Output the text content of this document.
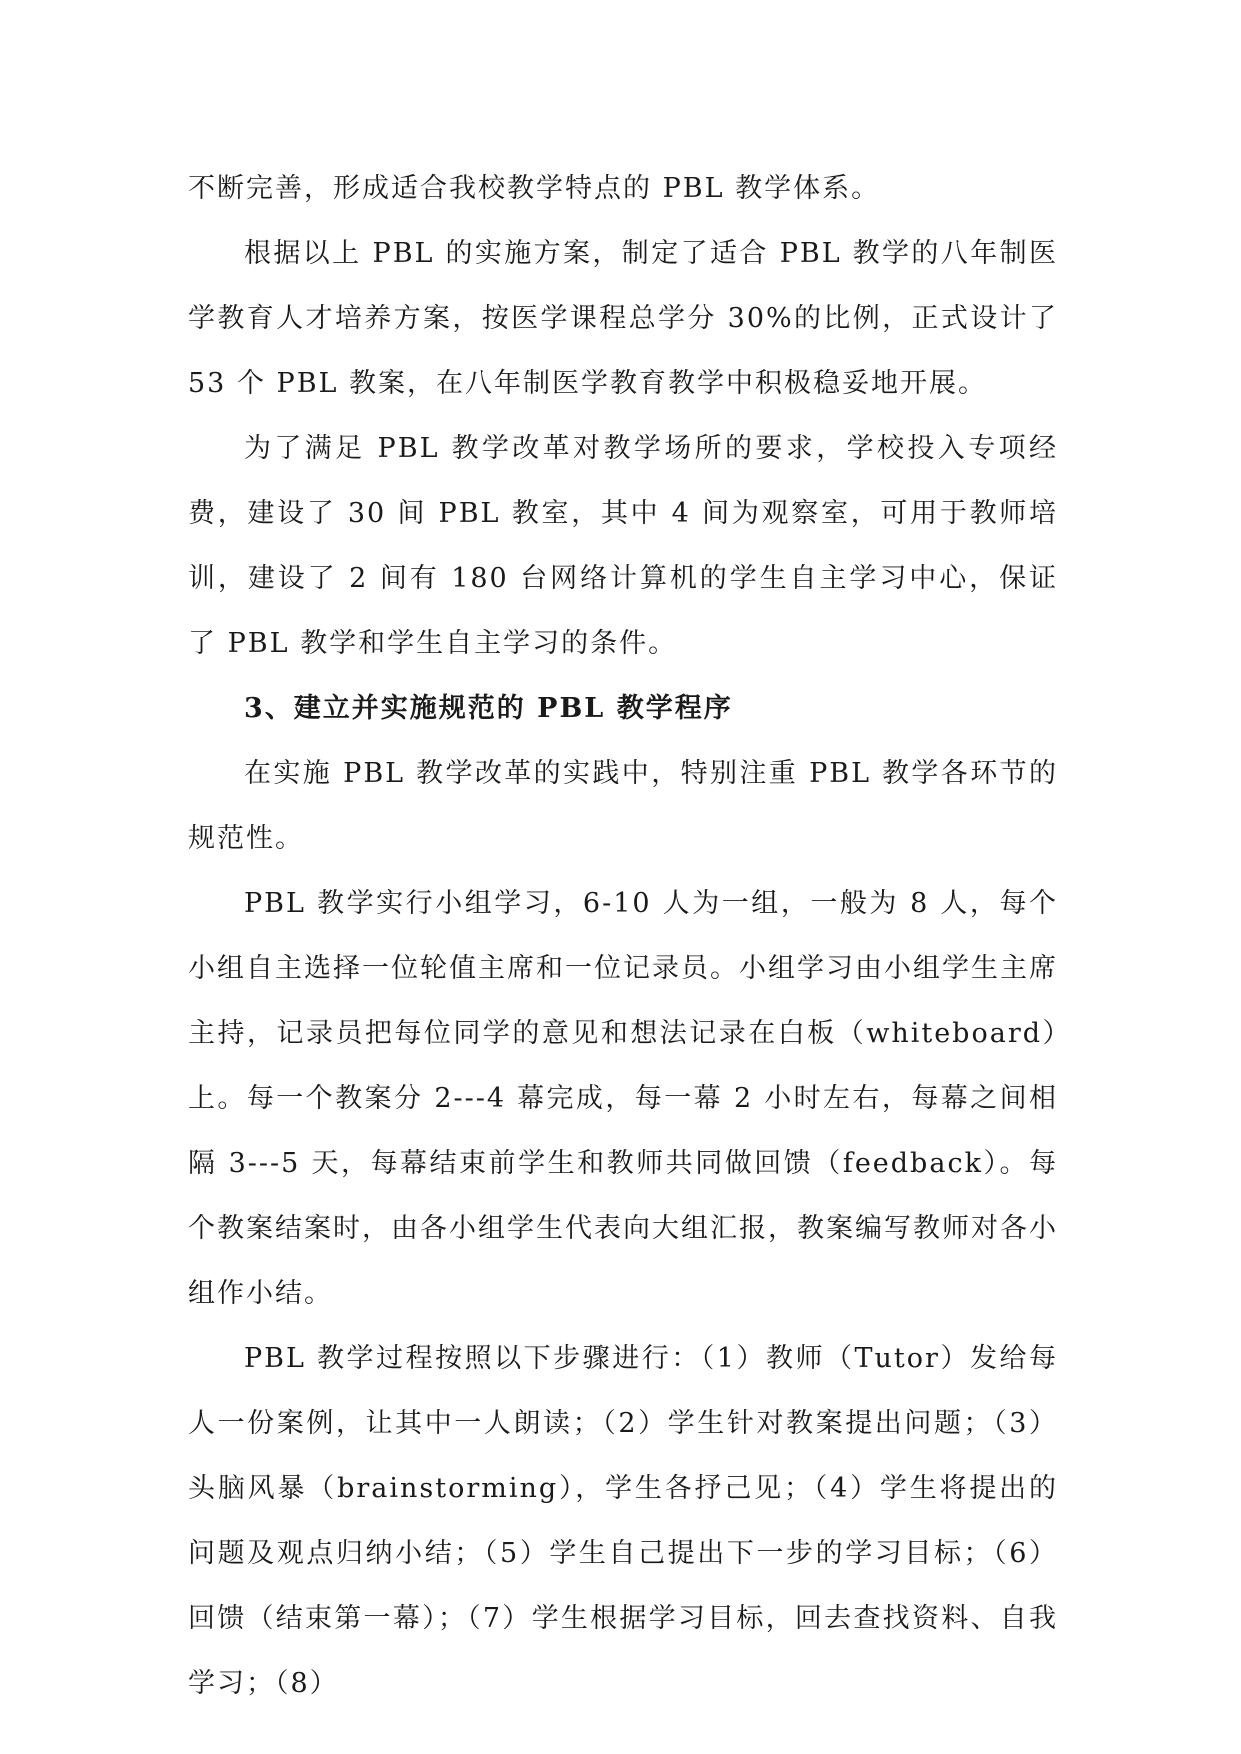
不断完善，形成适合我校教学特点的 PBL 教学体系。

根据以上 PBL 的实施方案，制定了适合 PBL 教学的八年制医学教育人才培养方案，按医学课程总学分 30%的比例，正式设计了 53 个 PBL 教案，在八年制医学教育教学中积极稳妥地开展。

为了满足 PBL 教学改革对教学场所的要求，学校投入专项经费，建设了 30 间 PBL 教室，其中 4 间为观察室，可用于教师培训，建设了 2 间有 180 台网络计算机的学生自主学习中心，保证了 PBL 教学和学生自主学习的条件。

3、建立并实施规范的 PBL 教学程序

在实施 PBL 教学改革的实践中，特别注重 PBL 教学各环节的规范性。

PBL 教学实行小组学习，6-10 人为一组，一般为 8 人，每个小组自主选择一位轮值主席和一位记录员。小组学习由小组学生主席主持，记录员把每位同学的意见和想法记录在白板（whiteboard）上。每一个教案分 2---4 幕完成，每一幕 2 小时左右，每幕之间相隔 3---5 天，每幕结束前学生和教师共同做回馈（feedback）。每个教案结案时，由各小组学生代表向大组汇报，教案编写教师对各小组作小结。

PBL 教学过程按照以下步骤进行：（1）教师（Tutor）发给每人一份案例，让其中一人朗读；（2）学生针对教案提出问题；（3）头脑风暴（brainstorming），学生各抒己见；（4）学生将提出的问题及观点归纳小结；（5）学生自己提出下一步的学习目标；（6）回馈（结束第一幕）；（7）学生根据学习目标，回去查找资料、自我学习；（8）
